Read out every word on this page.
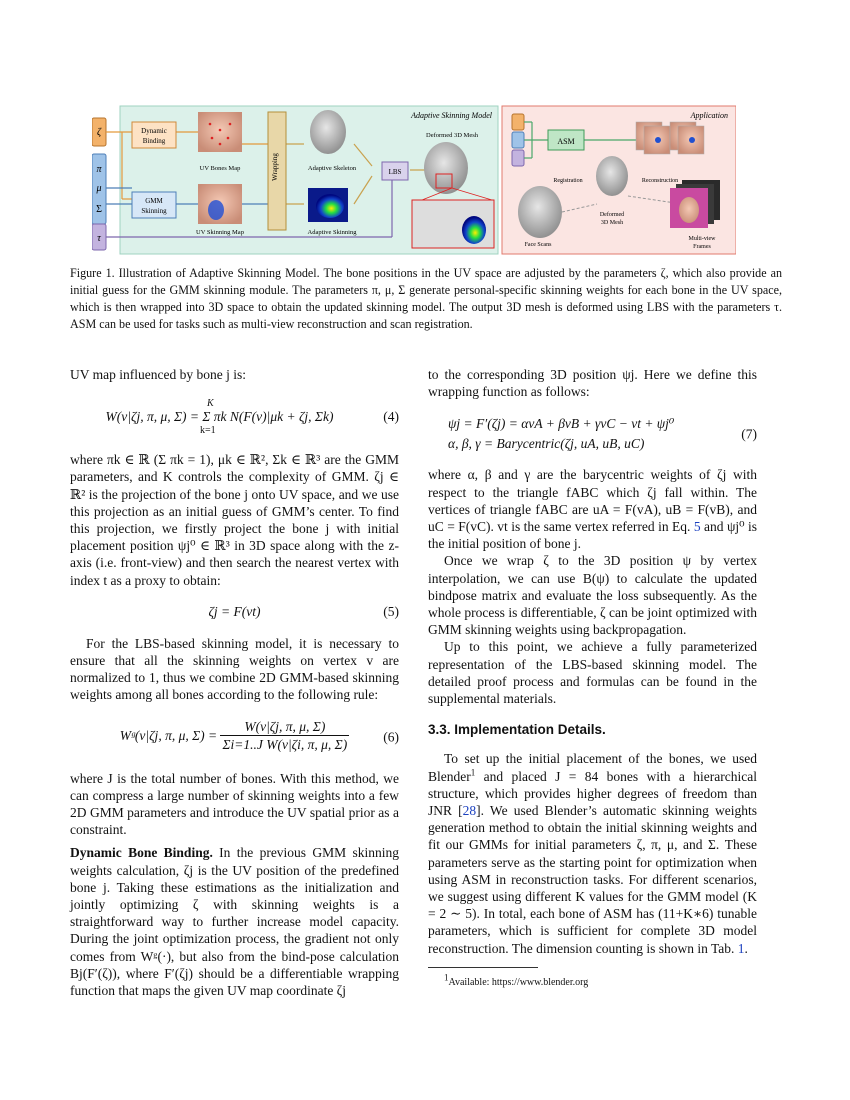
Adaptive Skinning Model	Application
ζ
π
μ
Σ
τ
Dynamic
Binding
GMM
Skinning
UV Bones Map
UV Skinning Map
Wrapping	Adaptive Skeleton
Adaptive Skinning
LBS
Deformed 3D Mesh
ASM
Face Scans
Registration
Deformed
3D Mesh
Reconstruction
Multi-view
Frames
Figure 1. Illustration of Adaptive Skinning Model. The bone positions in the UV space are adjusted by the parameters ζ, which also provide an initial guess for the GMM skinning module. The parameters π, μ, Σ generate personal-specific skinning weights for each bone in the UV space, which is then wrapped into 3D space to obtain the updated skinning model. The output 3D mesh is deformed using LBS with the parameters τ. ASM can be used for tasks such as multi-view reconstruction and scan registration.

UV map influenced by bone j is:

W(v|ζj, π, μ, Σ) = Σ πk N(F(v)|μk + ζj, Σk)
K
k=1
(4)

where πk ∈ ℝ (Σ πk = 1), μk ∈ ℝ², Σk ∈ ℝ³ are the GMM parameters, and K controls the complexity of GMM. ζj ∈ ℝ² is the projection of the bone j onto UV space, and we use this projection as an initial guess of GMM’s center. To find this projection, we firstly project the bone j with initial placement position ψj⁰ ∈ ℝ³ in 3D space along with the z-axis (i.e. front-view) and then search the nearest vertex with index t as a proxy to obtain:

ζj = F(vt)	(5)

For the LBS-based skinning model, it is necessary to ensure that all the skinning weights on vertex v are normalized to 1, thus we combine 2D GMM-based skinning weights among all bones according to the following rule:

Wᵍ(v|ζj, π, μ, $\Sigma) = \frac{W(v|\zeta j, \pi, \mu, \Sigma)}{\text{Σi=1..J W(v|ζi, π, μ, Σ)}}$	(6)

where J is the total number of bones. With this method, we can compress a large number of skinning weights into a few 2D GMM parameters and introduce the UV spatial prior as a constraint.

Dynamic Bone Binding. In the previous GMM skinning weights calculation, ζj is the UV position of the predefined bone j. Taking these estimations as the initialization and jointly optimizing ζ with skinning weights is a straightforward way to further increase model capacity. During the joint optimization process, the gradient not only comes from Wᵍ(·), but also from the bind-pose calculation Bj(F′(ζ)), where F′(ζj) should be a differentiable wrapping function that maps the given UV map coordinate ζj

to the corresponding 3D position ψj. Here we define this wrapping function as follows:

ψj = F′(ζj) = αvA + βvB + γvC − vt + ψj⁰
α, β, γ = Barycentric(ζj, uA, uB, uC)
(7)

where α, β and γ are the barycentric weights of ζj with respect to the triangle fABC which ζj fall within. The vertices of triangle fABC are uA = F(vA), uB = F(vB), and uC = F(vC). vt is the same vertex referred in Eq. 5 and ψj⁰ is the initial position of bone j.

Once we wrap ζ to the 3D position ψ by vertex interpolation, we can use B(ψ) to calculate the updated bindpose matrix and evaluate the loss subsequently. As the whole process is differentiable, ζ can be joint optimized with GMM skinning weights using backpropagation.

Up to this point, we achieve a fully parameterized representation of the LBS-based skinning model. The detailed proof process and formulas can be found in the supplemental materials.

3.3. Implementation Details.

To set up the initial placement of the bones, we used Blender$^1$ and placed J = 84 bones with a hierarchical structure, which provides higher degrees of freedom than JNR [28]. We used Blender’s automatic skinning weights generation method to obtain the initial skinning weights and fit our GMMs for initial parameters ζ, π, μ, and Σ. These parameters serve as the starting point for optimization when using ASM in reconstruction tasks. For different scenarios, we suggest using different K values for the GMM model (K = 2 ∼ 5). In total, each bone of ASM has (11+K∗6) tunable parameters, which is sufficient for complete 3D model reconstruction. The dimension counting is shown in Tab. 1.

$^1$Available: https://www.blender.org
